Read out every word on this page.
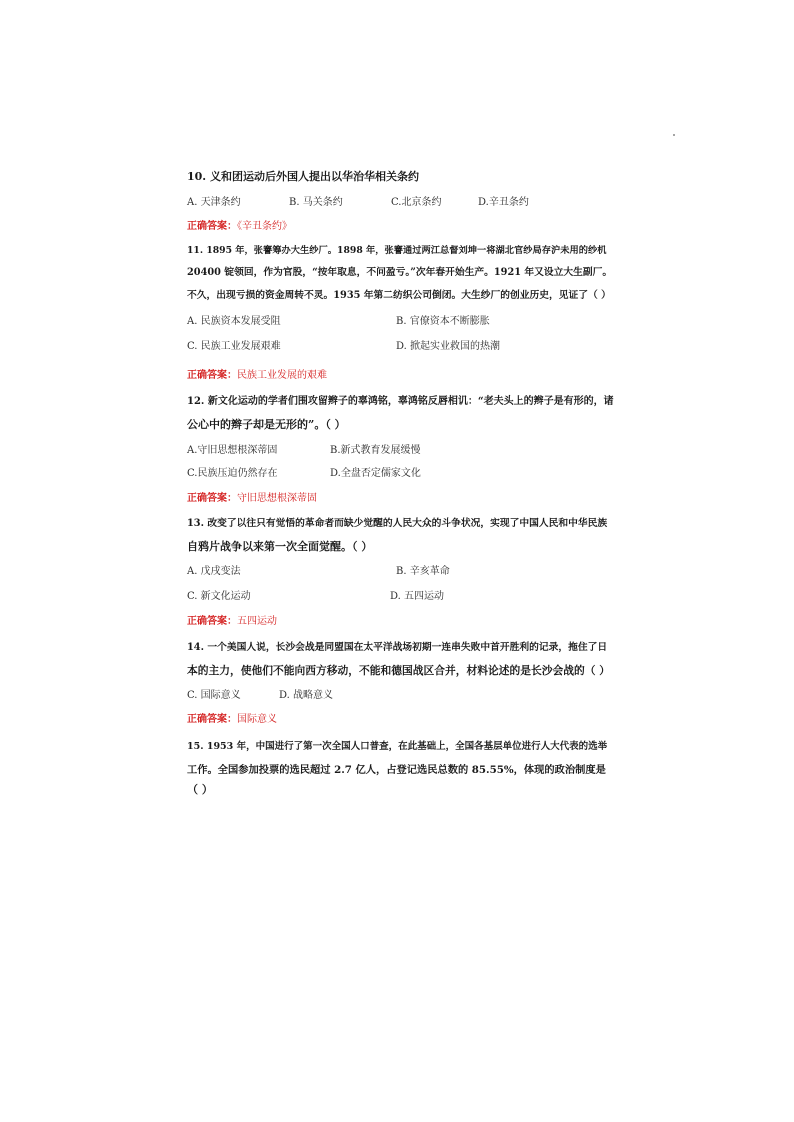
10. 义和团运动后外国人提出以华治华相关条约
A. 天津条约	B. 马关条约	C.北京条约	D.辛丑条约
正确答案：《辛丑条约》
11. 1895 年，张謇筹办大生纱厂。1898 年，张謇通过两江总督刘坤一将湖北官纱局存沪未用的纱机
20400 锭领回，作为官股，“按年取息，不问盈亏。”次年春开始生产。1921 年又设立大生副厂。
不久，出现亏损的资金周转不灵。1935 年第二纺织公司倒闭。大生纱厂的创业历史，见证了（ ）
A. 民族资本发展受阻	B. 官僚资本不断膨胀
C. 民族工业发展艰难	D. 掀起实业救国的热潮
正确答案：民族工业发展的艰难
12. 新文化运动的学者们围攻留辫子的辜鸿铭，辜鸿铭反唇相讥：“老夫头上的辫子是有形的，诸
公心中的辫子却是无形的”。（ ）
A.守旧思想根深蒂固	B.新式教育发展缓慢
C.民族压迫仍然存在	D.全盘否定儒家文化
正确答案：守旧思想根深蒂固
13. 改变了以往只有觉悟的革命者而缺少觉醒的人民大众的斗争状况，实现了中国人民和中华民族
自鸦片战争以来第一次全面觉醒。（ ）
A. 戊戌变法	B. 辛亥革命
C. 新文化运动	D. 五四运动
正确答案：五四运动
14. 一个美国人说，长沙会战是同盟国在太平洋战场初期一连串失败中首开胜利的记录，拖住了日
本的主力，使他们不能向西方移动，不能和德国战区合并，材料论述的是长沙会战的（ ）
C. 国际意义	D. 战略意义
正确答案：国际意义
15. 1953 年，中国进行了第一次全国人口普查，在此基础上，全国各基层单位进行人大代表的选举
工作。全国参加投票的选民超过 2.7 亿人，占登记选民总数的 85.55%，体现的政治制度是
（ ）
